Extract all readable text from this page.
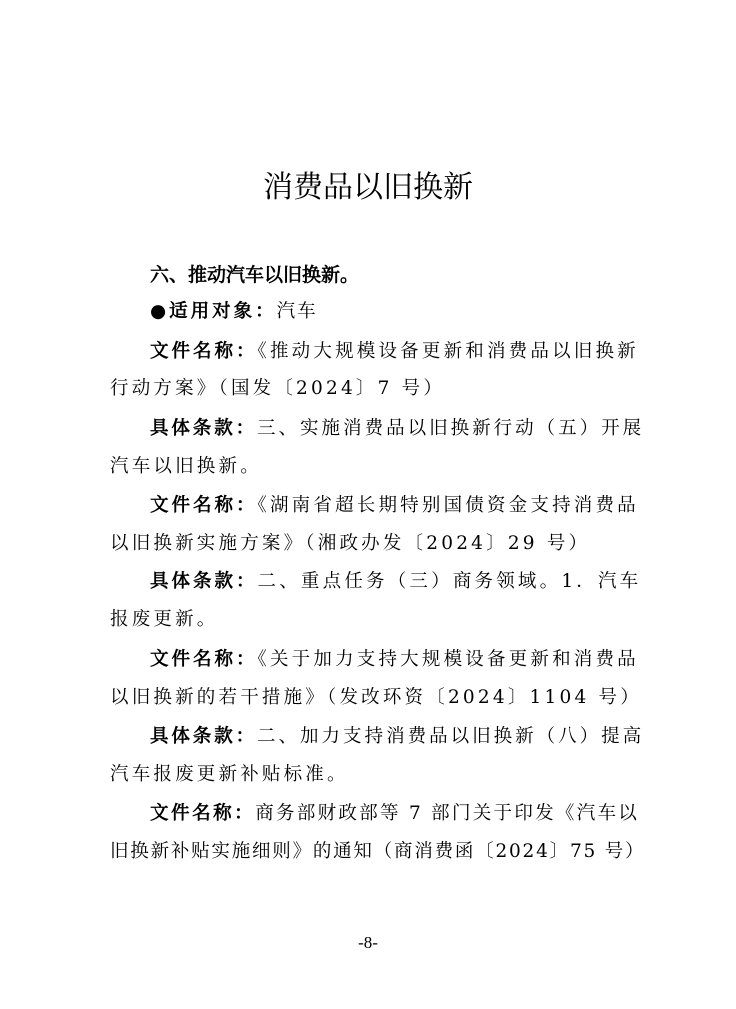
消费品以旧换新
六、推动汽车以旧换新。
●适用对象：汽车
文件名称：《推动大规模设备更新和消费品以旧换新
行动方案》（国发〔2024〕7 号）
具体条款：三、实施消费品以旧换新行动（五）开展
汽车以旧换新。
文件名称：《湖南省超长期特别国债资金支持消费品
以旧换新实施方案》（湘政办发〔2024〕29 号）
具体条款：二、重点任务（三）商务领域。1．汽车
报废更新。
文件名称：《关于加力支持大规模设备更新和消费品
以旧换新的若干措施》（发改环资〔2024〕1104 号）
具体条款：二、加力支持消费品以旧换新（八）提高
汽车报废更新补贴标准。
文件名称：商务部财政部等 7 部门关于印发《汽车以
旧换新补贴实施细则》的通知（商消费函〔2024〕75 号）
-8-
